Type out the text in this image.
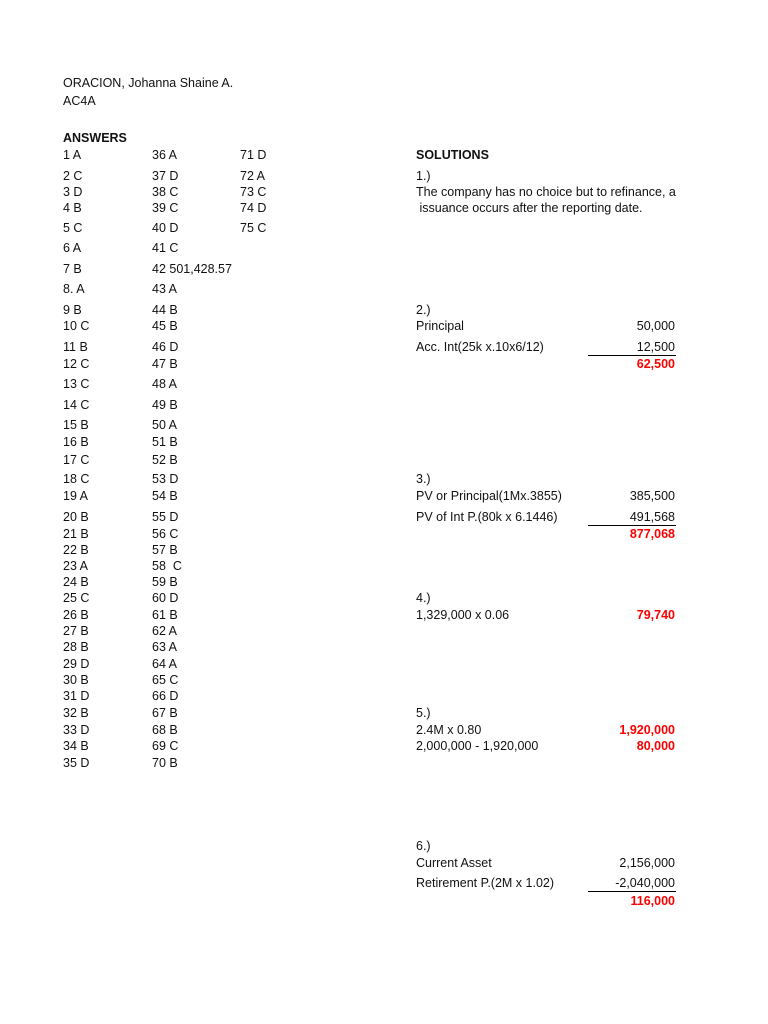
ORACION, Johanna Shaine A.
AC4A
ANSWERS
1 A
2 C
3 D
4 B
5 C
6 A
7 B
8. A
9 B
10 C
11 B
12 C
13 C
14 C
15 B
16 B
17 C
18 C
19 A
20 B
21 B
22 B
23 A
24 B
25 C
26 B
27 B
28 B
29 D
30 B
31 D
32 B
33 D
34 B
35 D
36 A
37 D
38 C
39 C
40 D
41 C
42 501,428.57
43 A
44 B
45 B
46 D
47 B
48 A
49 B
50 A
51 B
52 B
53 D
54 B
55 D
56 C
57 B
58  C
59 B
60 D
61 B
62 A
63 A
64 A
65 C
66 D
67 B
68 B
69 C
70 B
71 D
72 A
73 C
74 D
75 C
SOLUTIONS
1.)
The company has no choice but to refinance, a
issuance occurs after the reporting date.
2.)
Principal	50,000
Acc. Int(25k x.10x6/12)	12,500
62,500
3.)
PV or Principal(1Mx.3855)	385,500
PV of Int P.(80k x 6.1446)	491,568
877,068
4.)
1,329,000 x 0.06	79,740
5.)
2.4M x 0.80	1,920,000
2,000,000 - 1,920,000	80,000
6.)
Current Asset	2,156,000
Retirement P.(2M x 1.02)	-2,040,000
116,000
